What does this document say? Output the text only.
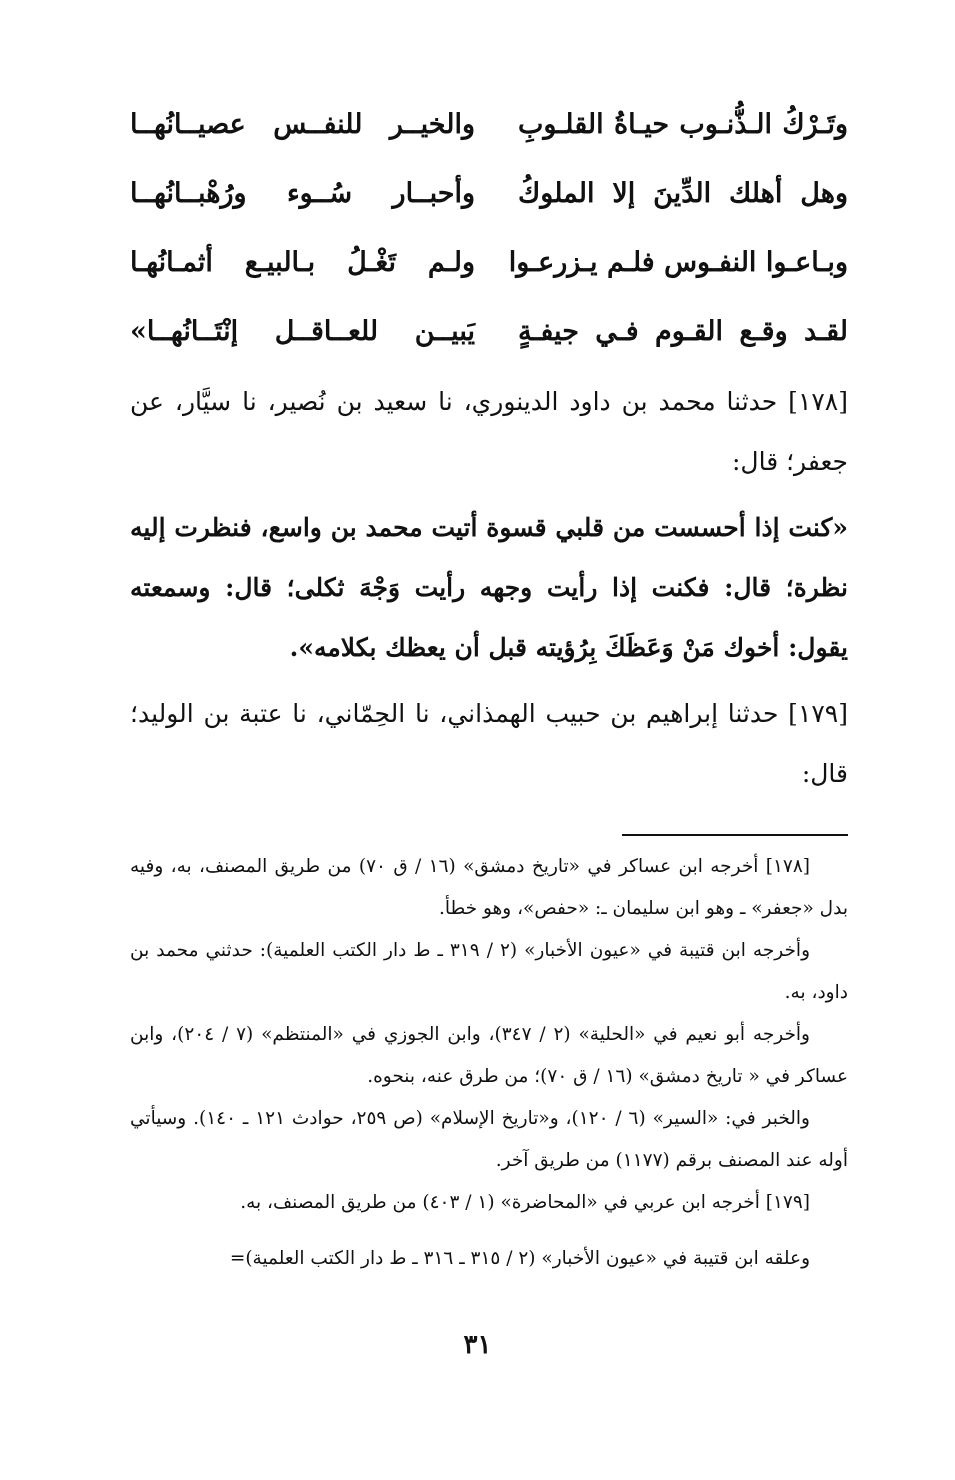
وتَـرْكُ الـذُّنـوب حيـاةُ القلـوبِ
والخيــر للنفــس عصيــانُهــا
وهل أهلك الدِّينَ إلا الملوكُ
وأحبــار سُــوء ورُهْبــانُهــا
وبـاعـوا النفـوس فلـم يـزرعـوا
ولـم تَغْـلُ بـالبيـع أثمـانُهـا
لقـد وقـع القـوم فـي جيفـةٍ
يَبيــن للعــاقــل إنْتَــانُهــا»

[١٧٨] حدثنا محمد بن داود الدينوري، نا سعيد بن نُصير، نا سيَّار، عن جعفر؛ قال:

«كنت إذا أحسست من قلبي قسوة أتيت محمد بن واسع، فنظرت إليه نظرة؛ قال: فكنت إذا رأيت وجهه رأيت وَجْهَ ثكلى؛ قال: وسمعته يقول: أخوك مَنْ وَعَظَكَ بِرُؤيته قبل أن يعظك بكلامه».

[١٧٩] حدثنا إبراهيم بن حبيب الهمذاني، نا الحِمّاني، نا عتبة بن الوليد؛ قال:

[١٧٨] أخرجه ابن عساكر في «تاريخ دمشق» (١٦ / ق ٧٠) من طريق المصنف، به، وفيه بدل «جعفر» ـ وهو ابن سليمان ـ: «حفص»، وهو خطأ.

وأخرجه ابن قتيبة في «عيون الأخبار» (٢ / ٣١٩ ـ ط دار الكتب العلمية): حدثني محمد بن داود، به.

وأخرجه أبو نعيم في «الحلية» (٢ / ٣٤٧)، وابن الجوزي في «المنتظم» (٧ / ٢٠٤)، وابن عساكر في « تاريخ دمشق» (١٦ / ق ٧٠)؛ من طرق عنه، بنحوه.

والخبر في: «السير» (٦ / ١٢٠)، و«تاريخ الإسلام» (ص ٢٥٩، حوادث ١٢١ ـ ١٤٠). وسيأتي أوله عند المصنف برقم (١١٧٧) من طريق آخر.

[١٧٩] أخرجه ابن عربي في «المحاضرة» (١ / ٤٠٣) من طريق المصنف، به.

وعلقه ابن قتيبة في «عيون الأخبار» (٢ / ٣١٥ ـ ٣١٦ ـ ط دار الكتب العلمية)=

٣١
